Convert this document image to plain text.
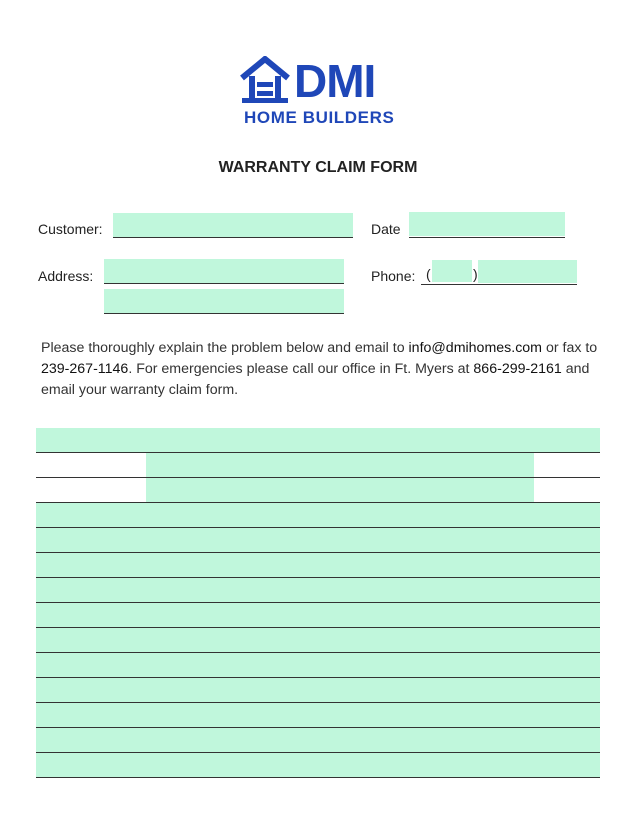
DMI
HOME BUILDERS
WARRANTY CLAIM FORM
Customer:	Date
Address:	Phone: (	)
Please thoroughly explain the problem below and email to info@dmihomes.com or fax to 239-267-1146. For emergencies please call our office in Ft. Myers at 866-299-2161 and email your warranty claim form.
